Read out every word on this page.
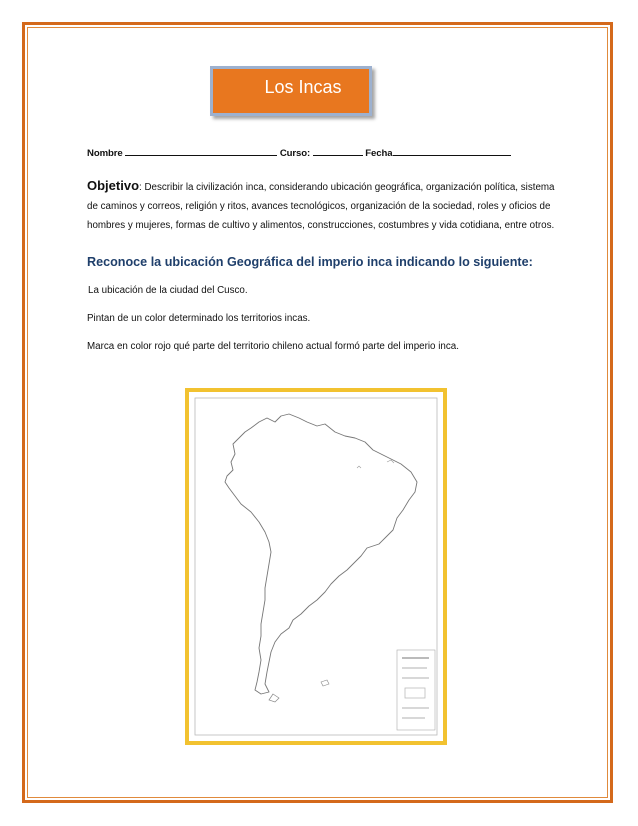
Los Incas
Nombre	Curso:	Fecha
Objetivo: Describir la civilización inca, considerando ubicación geográfica, organización política, sistema de caminos y correos, religión y ritos, avances tecnológicos, organización de la sociedad, roles y oficios de hombres y mujeres, formas de cultivo y alimentos, construcciones, costumbres y vida cotidiana, entre otros.
Reconoce la ubicación Geográfica del imperio inca indicando lo siguiente:
La ubicación de la ciudad del Cusco.
Pintan de un color determinado los territorios incas.
Marca en color rojo qué parte del territorio chileno actual formó parte del imperio inca.
